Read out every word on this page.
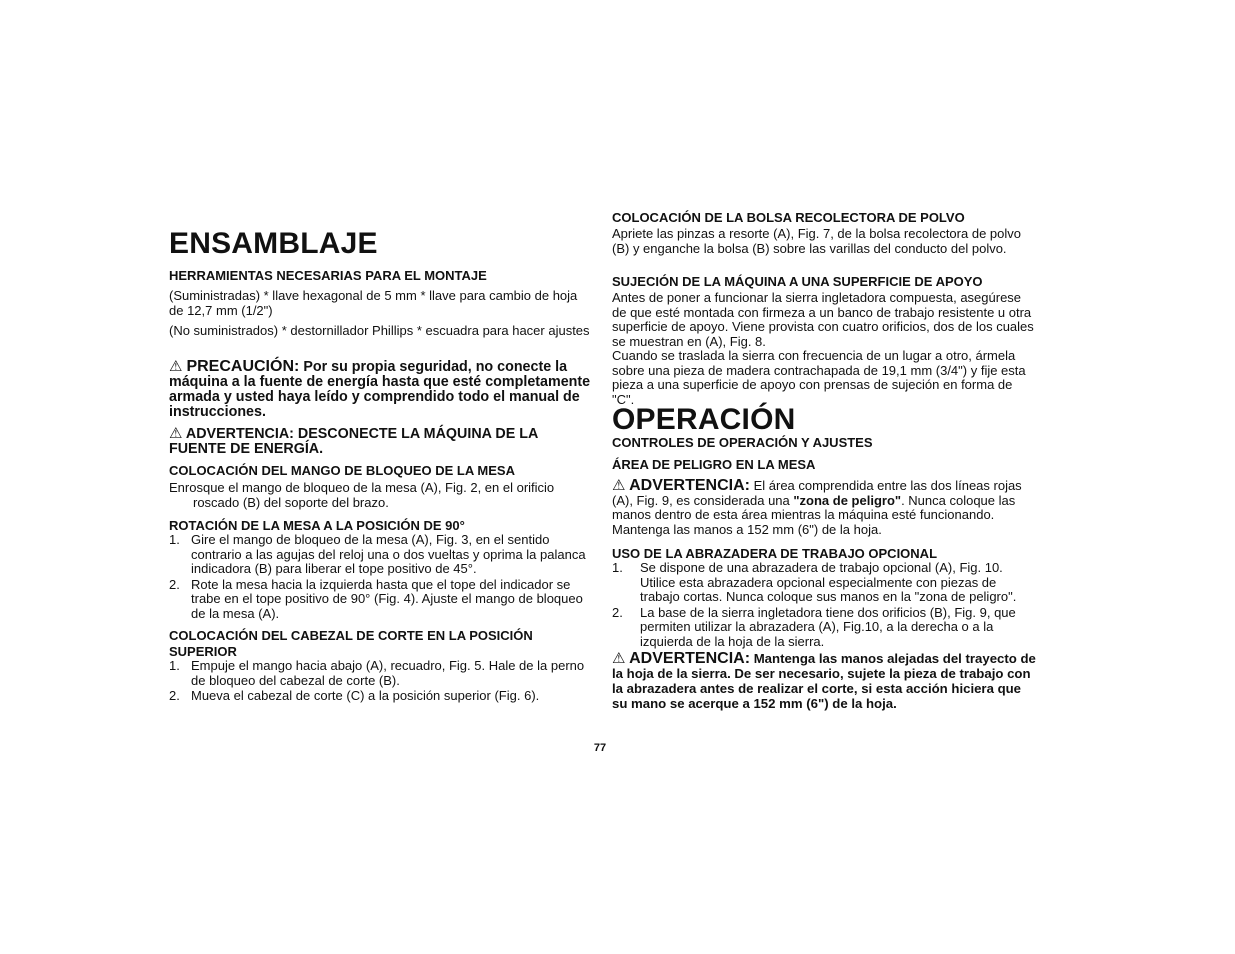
ENSAMBLAJE
HERRAMIENTAS NECESARIAS PARA EL MONTAJE
(Suministradas) * llave hexagonal de 5 mm * llave para cambio de hoja de 12,7 mm (1/2")
(No suministrados) * destornillador Phillips * escuadra para hacer ajustes
⚠ PRECAUCIÓN: Por su propia seguridad, no conecte la máquina a la fuente de energía hasta que esté completamente armada y usted haya leído y comprendido todo el manual de instrucciones.
⚠ ADVERTENCIA: DESCONECTE LA MÁQUINA DE LA FUENTE DE ENERGÍA.
COLOCACIÓN DEL MANGO DE BLOQUEO DE LA MESA
Enrosque el mango de bloqueo de la mesa (A), Fig. 2, en el orificio
roscado (B) del soporte del brazo.
ROTACIÓN DE LA MESA A LA POSICIÓN DE 90°
1. Gire el mango de bloqueo de la mesa (A), Fig. 3, en el sentido contrario a las agujas del reloj una o dos vueltas y oprima la palanca indicadora (B) para liberar el tope positivo de 45°.
2. Rote la mesa hacia la izquierda hasta que el tope del indicador se trabe en el tope positivo de 90° (Fig. 4). Ajuste el mango de bloqueo de la mesa (A).
COLOCACIÓN DEL CABEZAL DE CORTE EN LA POSICIÓN SUPERIOR
1. Empuje el mango hacia abajo (A), recuadro, Fig. 5. Hale de la perno de bloqueo del cabezal de corte (B).
2. Mueva el cabezal de corte (C) a la posición superior (Fig. 6).
COLOCACIÓN DE LA BOLSA RECOLECTORA DE POLVO
Apriete las pinzas a resorte (A), Fig. 7, de la bolsa recolectora de polvo (B) y enganche la bolsa (B) sobre las varillas del conducto del polvo.
SUJECIÓN DE LA MÁQUINA A UNA SUPERFICIE DE APOYO
Antes de poner a funcionar la sierra ingletadora compuesta, asegúrese de que esté montada con firmeza a un banco de trabajo resistente u otra superficie de apoyo. Viene provista con cuatro orificios, dos de los cuales se muestran en (A), Fig. 8.
Cuando se traslada la sierra con frecuencia de un lugar a otro, ármela sobre una pieza de madera contrachapada de 19,1 mm (3/4") y fije esta pieza a una superficie de apoyo con prensas de sujeción en forma de "C".
OPERACIÓN
CONTROLES DE OPERACIÓN Y AJUSTES
ÁREA DE PELIGRO EN LA MESA
⚠ ADVERTENCIA: El área comprendida entre las dos líneas rojas (A), Fig. 9, es considerada una "zona de peligro". Nunca coloque las manos dentro de esta área mientras la máquina esté funcionando. Mantenga las manos a 152 mm (6") de la hoja.
USO DE LA ABRAZADERA DE TRABAJO OPCIONAL
1. Se dispone de una abrazadera de trabajo opcional (A), Fig. 10. Utilice esta abrazadera opcional especialmente con piezas de trabajo cortas. Nunca coloque sus manos en la "zona de peligro".
2. La base de la sierra ingletadora tiene dos orificios (B), Fig. 9, que permiten utilizar la abrazadera (A), Fig.10, a la derecha o a la izquierda de la hoja de la sierra.
⚠ ADVERTENCIA: Mantenga las manos alejadas del trayecto de la hoja de la sierra. De ser necesario, sujete la pieza de trabajo con la abrazadera antes de realizar el corte, si esta acción hiciera que su mano se acerque a 152 mm (6") de la hoja.
77
